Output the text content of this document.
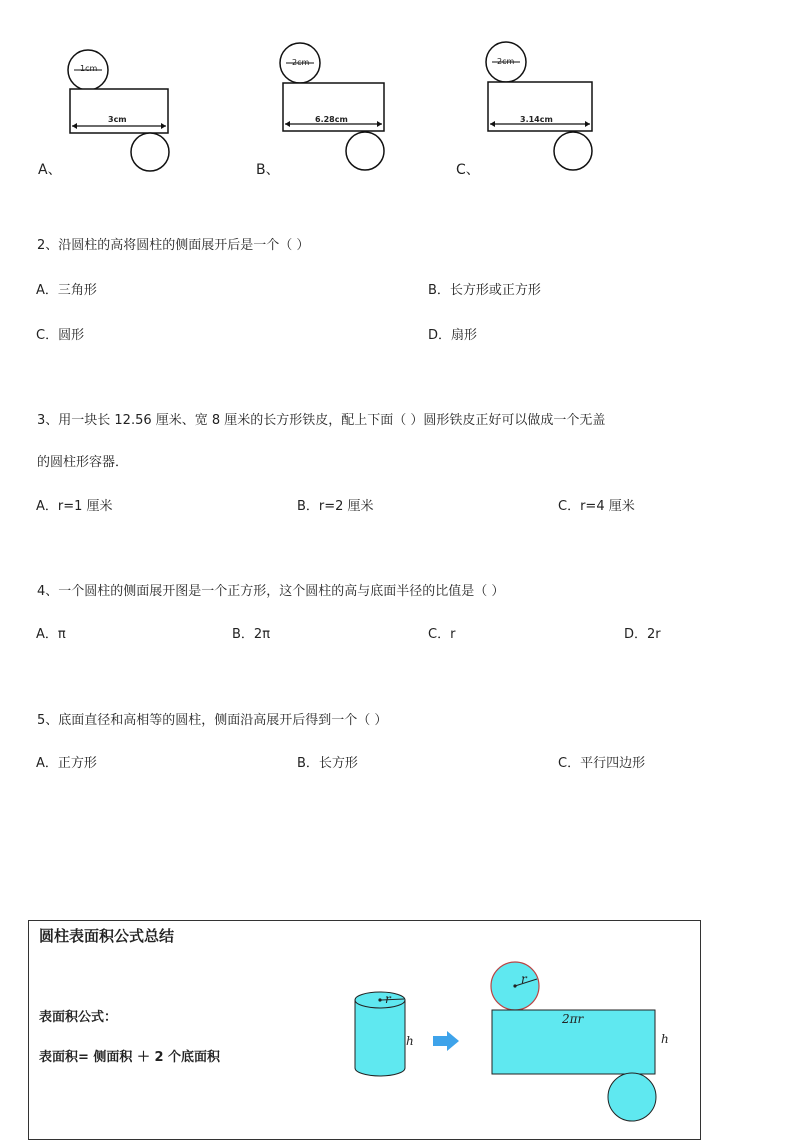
1cm
3cm
A、
2cm
6.28cm
B、
2cm
3.14cm
C、
2、沿圆柱的高将圆柱的侧面展开后是一个（ ）
A．三角形	B．长方形或正方形
C．圆形	D．扇形
3、用一块长 12.56 厘米、宽 8 厘米的长方形铁皮，配上下面（ ）圆形铁皮正好可以做成一个无盖
的圆柱形容器．
A．r=1 厘米	B．r=2 厘米	C．r=4 厘米
4、一个圆柱的侧面展开图是一个正方形，这个圆柱的高与底面半径的比值是（ ）
A．π	B．2π	C．r	D．2r
5、底面直径和高相等的圆柱，侧面沿高展开后得到一个（ ）
A．正方形	B．长方形	C．平行四边形
圆柱表面积公式总结
表面积公式：
表面积= 侧面积 ＋ 2 个底面积
r
h
r
2πr
h
